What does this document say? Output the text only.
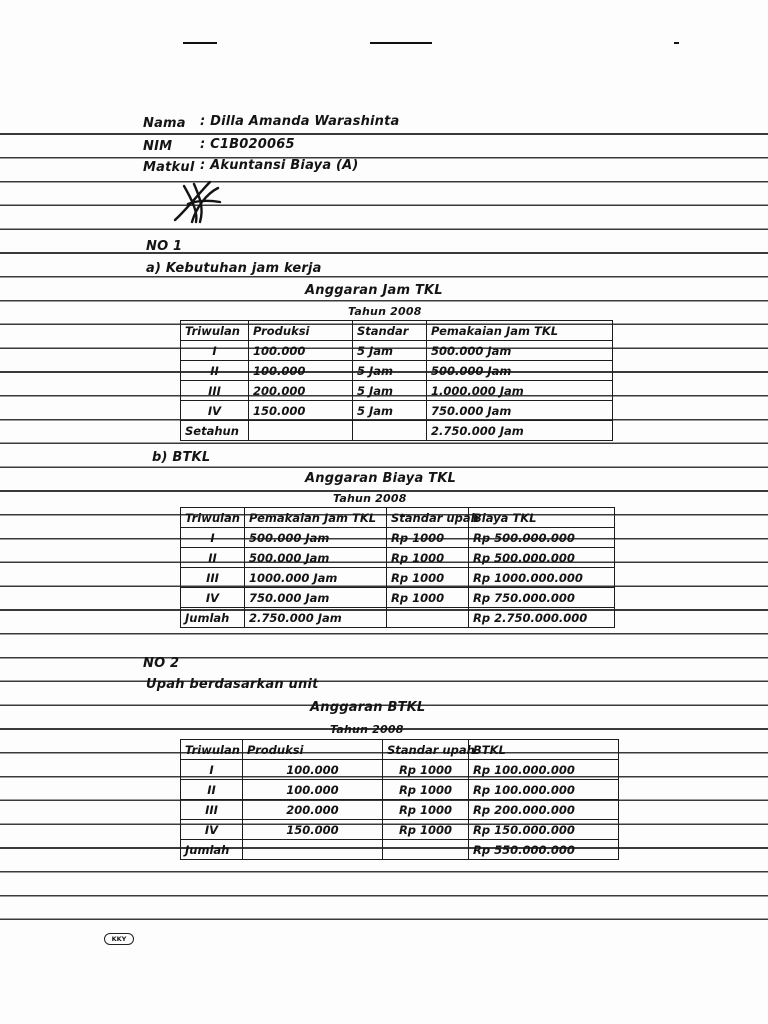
Nama : Dilla Amanda Warashinta
NIM : C1B020065
Matkul : Akuntansi Biaya (A)
NO 1
a) Kebutuhan jam kerja
Anggaran Jam TKL
Tahun 2008
Triwulan	Produksi	Standar	Pemakaian Jam TKL
I	100.000	5 Jam	500.000 Jam
II	100.000	5 Jam	500.000 Jam
III	200.000	5 Jam	1.000.000 Jam
IV	150.000	5 Jam	750.000 Jam
Setahun			2.750.000 Jam
b) BTKL
Anggaran Biaya TKL
Tahun 2008
Triwulan	Pemakaian Jam TKL	Standar upah	Biaya TKL
I	500.000 Jam	Rp 1000	Rp 500.000.000
II	500.000 Jam	Rp 1000	Rp 500.000.000
III	1000.000 Jam	Rp 1000	Rp 1000.000.000
IV	750.000 Jam	Rp 1000	Rp 750.000.000
Jumlah	2.750.000 Jam		Rp 2.750.000.000
NO 2
Upah berdasarkan unit
Anggaran BTKL
Tahun 2008
Triwulan	Produksi	Standar upah	BTKL
I	100.000	Rp 1000	Rp 100.000.000
II	100.000	Rp 1000	Rp 100.000.000
III	200.000	Rp 1000	Rp 200.000.000
IV	150.000	Rp 1000	Rp 150.000.000
Jumlah			Rp 550.000.000
KKY
